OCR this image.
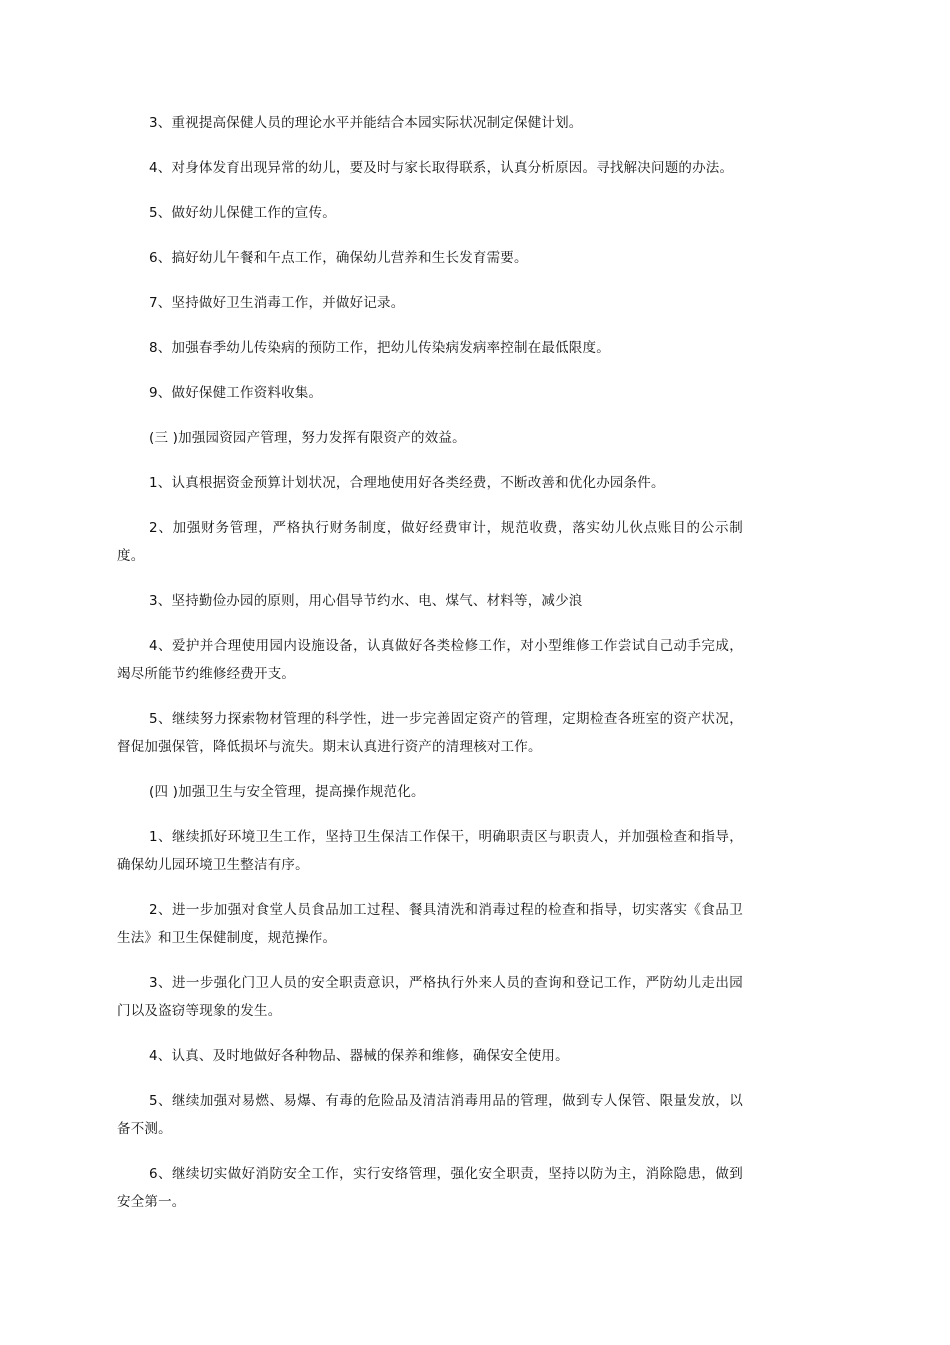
3、重视提高保健人员的理论水平并能结合本园实际状况制定保健计划。

4、对身体发育出现异常的幼儿，要及时与家长取得联系，认真分析原因。寻找解决问题的办法。

5、做好幼儿保健工作的宣传。

6、搞好幼儿午餐和午点工作，确保幼儿营养和生长发育需要。

7、坚持做好卫生消毒工作，并做好记录。

8、加强春季幼儿传染病的预防工作，把幼儿传染病发病率控制在最低限度。

9、做好保健工作资料收集。

(三 )加强园资园产管理，努力发挥有限资产的效益。

1、认真根据资金预算计划状况，合理地使用好各类经费，不断改善和优化办园条件。

2、加强财务管理，严格执行财务制度，做好经费审计，规范收费，落实幼儿伙点账目的公示制度。

3、坚持勤俭办园的原则，用心倡导节约水、电、煤气、材料等，减少浪

4、爱护并合理使用园内设施设备，认真做好各类检修工作，对小型维修工作尝试自己动手完成，竭尽所能节约维修经费开支。

5、继续努力探索物材管理的科学性，进一步完善固定资产的管理，定期检查各班室的资产状况，督促加强保管，降低损坏与流失。期末认真进行资产的清理核对工作。

(四 )加强卫生与安全管理，提高操作规范化。

1、继续抓好环境卫生工作，坚持卫生保洁工作保干，明确职责区与职责人，并加强检查和指导，确保幼儿园环境卫生整洁有序。

2、进一步加强对食堂人员食品加工过程、餐具清洗和消毒过程的检查和指导，切实落实《食品卫生法》和卫生保健制度，规范操作。

3、进一步强化门卫人员的安全职责意识，严格执行外来人员的查询和登记工作，严防幼儿走出园门以及盗窃等现象的发生。

4、认真、及时地做好各种物品、器械的保养和维修，确保安全使用。

5、继续加强对易燃、易爆、有毒的危险品及清洁消毒用品的管理，做到专人保管、限量发放，以备不测。

6、继续切实做好消防安全工作，实行安络管理，强化安全职责，坚持以防为主，消除隐患，做到安全第一。
